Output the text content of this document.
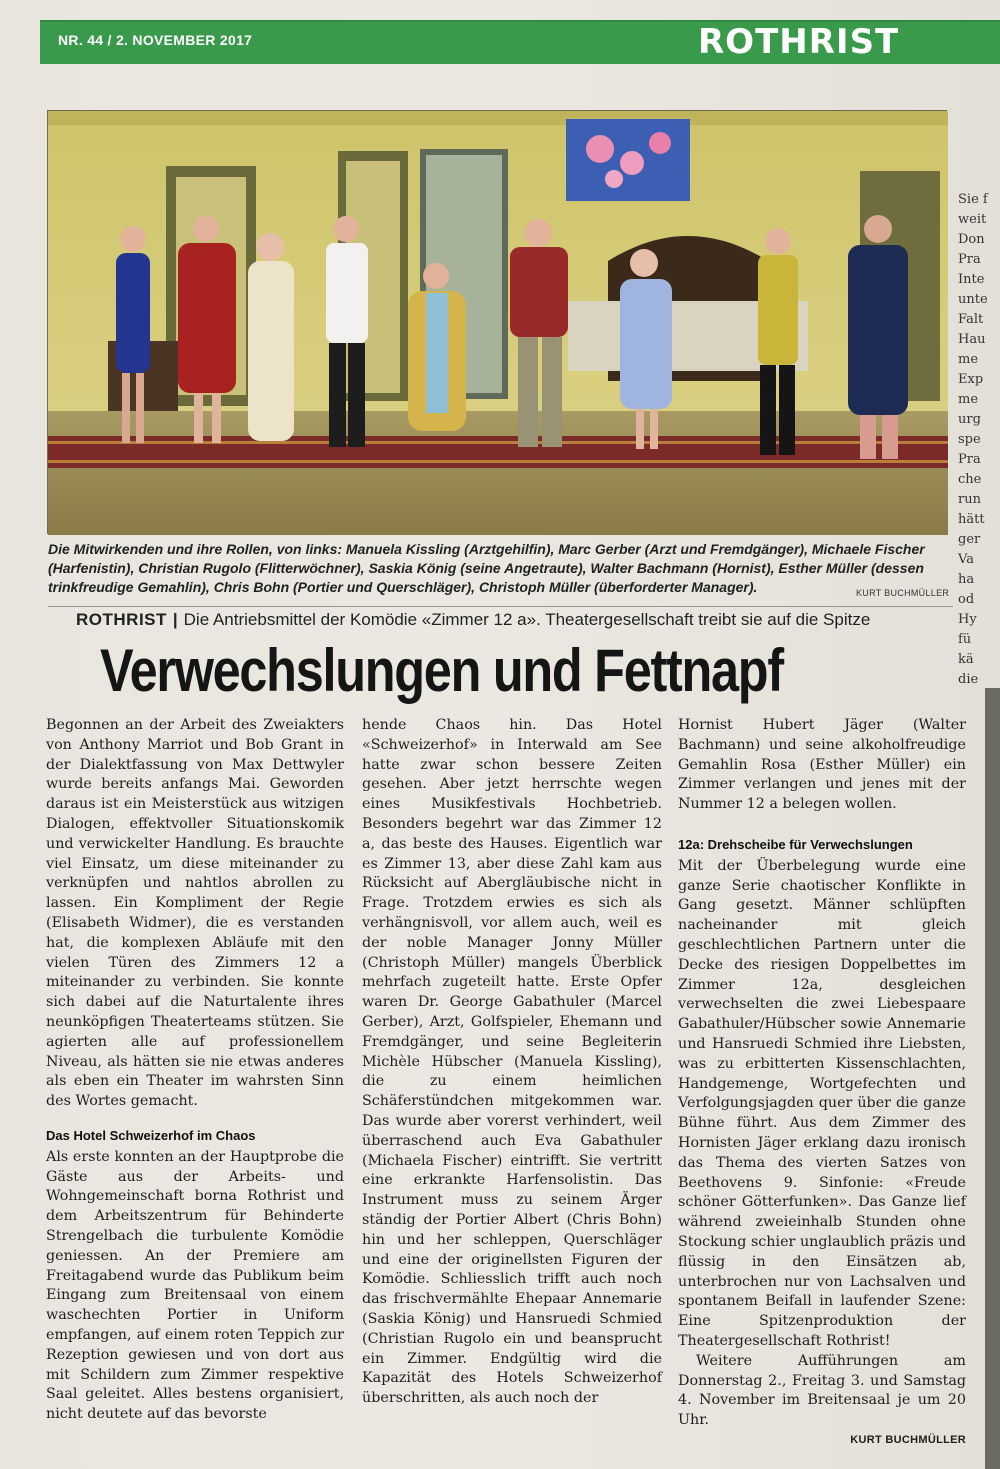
NR. 44 / 2. NOVEMBER 2017	ROTHRIST
Die Mitwirkenden und ihre Rollen, von links: Manuela Kissling (Arztgehilfin), Marc Gerber (Arzt und Fremdgänger), Michaele Fischer (Harfenistin), Christian Rugolo (Flitterwöchner), Saskia König (seine Angetraute), Walter Bachmann (Hornist), Esther Müller (dessen trinkfreudige Gemahlin), Chris Bohn (Portier und Querschläger), Christoph Müller (überforderter Manager).	KURT BUCHMÜLLER
ROTHRIST | Die Antriebsmittel der Komödie «Zimmer 12 a». Theatergesellschaft treibt sie auf die Spitze
Verwechslungen und Fettnapf

Begonnen an der Arbeit des Zweiakters von Anthony Marriot und Bob Grant in der Dialektfassung von Max Dettwyler wurde bereits anfangs Mai. Geworden daraus ist ein Meisterstück aus witzigen Dialogen, effektvoller Situationskomik und verwickelter Handlung. Es brauchte viel Einsatz, um diese miteinander zu verknüpfen und nahtlos abrollen zu lassen. Ein Kompliment der Regie (Elisabeth Widmer), die es verstanden hat, die komplexen Abläufe mit den vielen Türen des Zimmers 12 a miteinander zu verbinden. Sie konnte sich dabei auf die Naturtalente ihres neunköpfigen Theaterteams stützen. Sie agierten alle auf professionellem Niveau, als hätten sie nie etwas anderes als eben ein Theater im wahrsten Sinn des Wortes gemacht.

Das Hotel Schweizerhof im Chaos

Als erste konnten an der Hauptprobe die Gäste aus der Arbeits- und Wohngemeinschaft borna Rothrist und dem Arbeitszentrum für Behinderte Strengelbach die turbulente Komödie geniessen. An der Premiere am Freitagabend wurde das Publikum beim Eingang zum Breitensaal von einem waschechten Portier in Uniform empfangen, auf einem roten Teppich zur Rezeption gewiesen und von dort aus mit Schildern zum Zimmer respektive Saal geleitet. Alles bestens organisiert, nicht deutete auf das bevorste

hende Chaos hin. Das Hotel «Schweizerhof» in Interwald am See hatte zwar schon bessere Zeiten gesehen. Aber jetzt herrschte wegen eines Musikfestivals Hochbetrieb. Besonders begehrt war das Zimmer 12 a, das beste des Hauses. Eigentlich war es Zimmer 13, aber diese Zahl kam aus Rücksicht auf Abergläubische nicht in Frage. Trotzdem erwies es sich als verhängnisvoll, vor allem auch, weil es der noble Manager Jonny Müller (Christoph Müller) mangels Überblick mehrfach zugeteilt hatte. Erste Opfer waren Dr. George Gabathuler (Marcel Gerber), Arzt, Golfspieler, Ehemann und Fremdgänger, und seine Begleiterin Michèle Hübscher (Manuela Kissling), die zu einem heimlichen Schäferstündchen mitgekommen war. Das wurde aber vorerst verhindert, weil überraschend auch Eva Gabathuler (Michaela Fischer) eintrifft. Sie vertritt eine erkrankte Harfensolistin. Das Instrument muss zu seinem Ärger ständig der Portier Albert (Chris Bohn) hin und her schleppen, Querschläger und eine der originellsten Figuren der Komödie. Schliesslich trifft auch noch das frischvermählte Ehepaar Annemarie (Saskia König) und Hansruedi Schmied (Christian Rugolo ein und beansprucht ein Zimmer. Endgültig wird die Kapazität des Hotels Schweizerhof überschritten, als auch noch der

Hornist Hubert Jäger (Walter Bachmann) und seine alkoholfreudige Gemahlin Rosa (Esther Müller) ein Zimmer verlangen und jenes mit der Nummer 12 a belegen wollen.

12a: Drehscheibe für Verwechslungen

Mit der Überbelegung wurde eine ganze Serie chaotischer Konflikte in Gang gesetzt. Männer schlüpften nacheinander mit gleich geschlechtlichen Partnern unter die Decke des riesigen Doppelbettes im Zimmer 12a, desgleichen verwechselten die zwei Liebespaare Gabathuler/Hübscher sowie Annemarie und Hansruedi Schmied ihre Liebsten, was zu erbitterten Kissenschlachten, Handgemenge, Wortgefechten und Verfolgungsjagden quer über die ganze Bühne führt. Aus dem Zimmer des Hornisten Jäger erklang dazu ironisch das Thema des vierten Satzes von Beethovens 9. Sinfonie: «Freude schöner Götterfunken». Das Ganze lief während zweieinhalb Stunden ohne Stockung schier unglaublich präzis und flüssig in den Einsätzen ab, unterbrochen nur von Lachsalven und spontanem Beifall in laufender Szene: Eine Spitzenproduktion der Theatergesellschaft Rothrist!

Weitere Aufführungen am Donnerstag 2., Freitag 3. und Samstag 4. November im Breitensaal je um 20 Uhr.

KURT BUCHMÜLLER
Sie f
weit
Don
Pra
Inte
unte
Falt
Hau
me
Exp
me
urg
spe
Pra
che
run
hätt
ger
Va
ha
od
Hy
fü
kä
die
